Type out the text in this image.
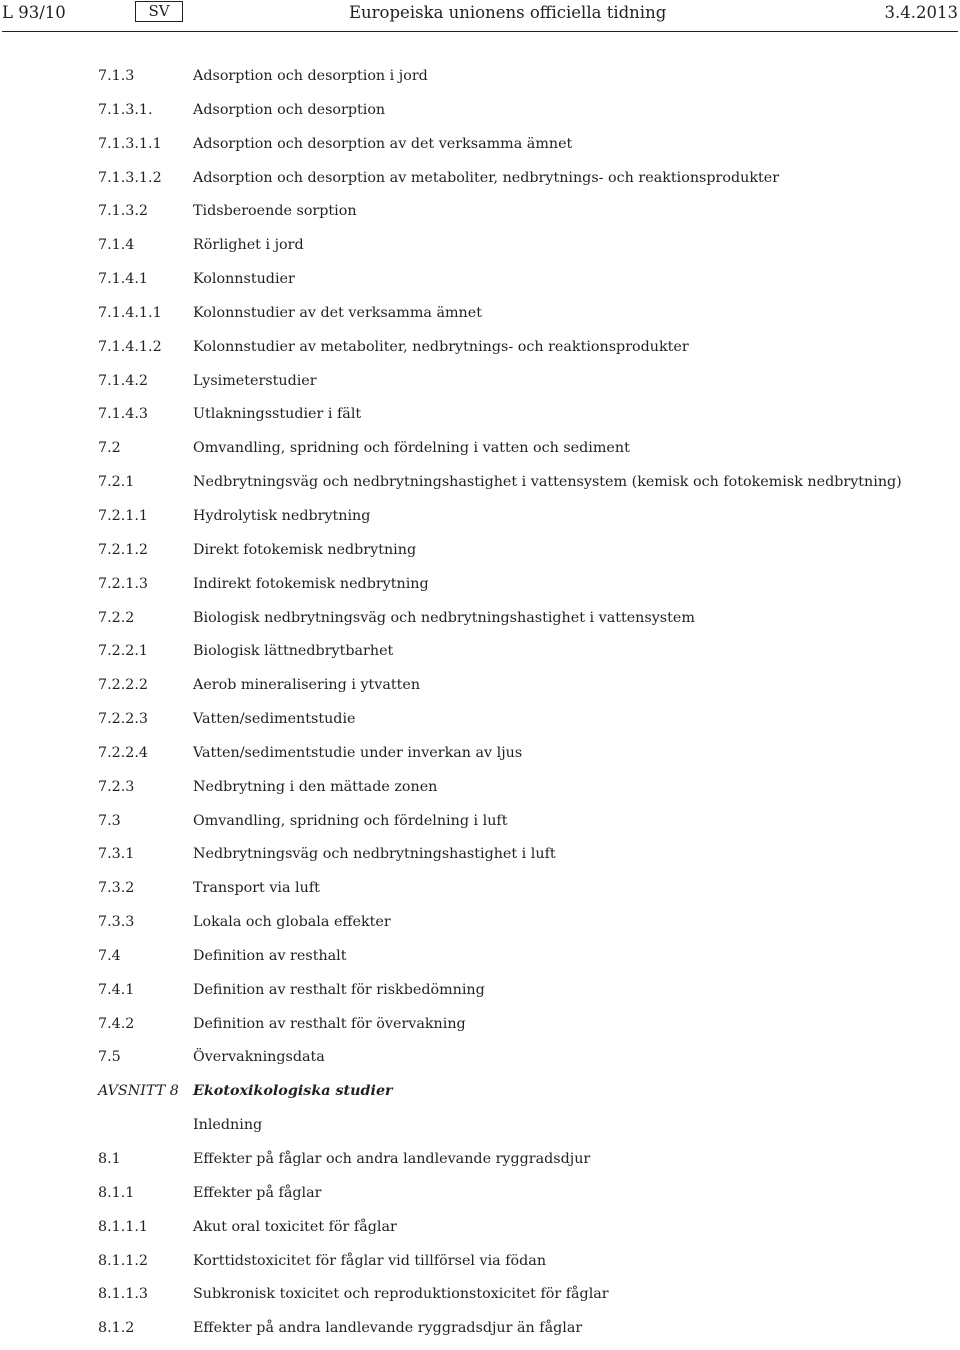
L 93/10	SV	Europeiska unionens officiella tidning	3.4.2013
7.1.3	Adsorption och desorption i jord
7.1.3.1.	Adsorption och desorption
7.1.3.1.1 Adsorption och desorption av det verksamma ämnet
7.1.3.1.2 Adsorption och desorption av metaboliter, nedbrytnings- och reaktionsprodukter
7.1.3.2	Tidsberoende sorption
7.1.4	Rörlighet i jord
7.1.4.1	Kolonnstudier
7.1.4.1.1 Kolonnstudier av det verksamma ämnet
7.1.4.1.2 Kolonnstudier av metaboliter, nedbrytnings- och reaktionsprodukter
7.1.4.2	Lysimeterstudier
7.1.4.3	Utlakningsstudier i fält
7.2	Omvandling, spridning och fördelning i vatten och sediment
7.2.1	Nedbrytningsväg och nedbrytningshastighet i vattensystem (kemisk och fotokemisk nedbrytning)
7.2.1.1	Hydrolytisk nedbrytning
7.2.1.2	Direkt fotokemisk nedbrytning
7.2.1.3	Indirekt fotokemisk nedbrytning
7.2.2	Biologisk nedbrytningsväg och nedbrytningshastighet i vattensystem
7.2.2.1	Biologisk lättnedbrytbarhet
7.2.2.2	Aerob mineralisering i ytvatten
7.2.2.3	Vatten/sedimentstudie
7.2.2.4	Vatten/sedimentstudie under inverkan av ljus
7.2.3	Nedbrytning i den mättade zonen
7.3	Omvandling, spridning och fördelning i luft
7.3.1	Nedbrytningsväg och nedbrytningshastighet i luft
7.3.2	Transport via luft
7.3.3	Lokala och globala effekter
7.4	Definition av resthalt
7.4.1	Definition av resthalt för riskbedömning
7.4.2	Definition av resthalt för övervakning
7.5	Övervakningsdata
AVSNITT 8 Ekotoxikologiska studier
Inledning
8.1	Effekter på fåglar och andra landlevande ryggradsdjur
8.1.1	Effekter på fåglar
8.1.1.1	Akut oral toxicitet för fåglar
8.1.1.2	Korttidstoxicitet för fåglar vid tillförsel via födan
8.1.1.3	Subkronisk toxicitet och reproduktionstoxicitet för fåglar
8.1.2	Effekter på andra landlevande ryggradsdjur än fåglar
